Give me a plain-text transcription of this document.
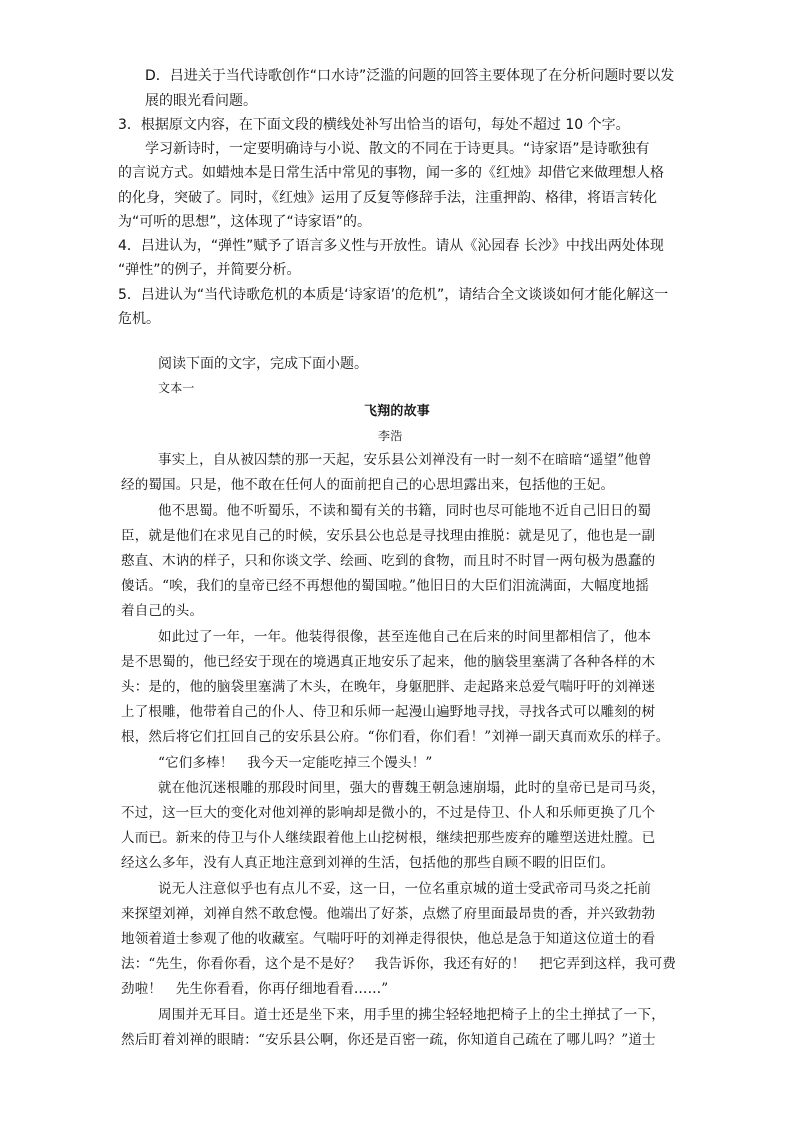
D．吕进关于当代诗歌创作“口水诗”泛滥的问题的回答主要体现了在分析问题时要以发
展的眼光看问题。
3．根据原文内容，在下面文段的横线处补写出恰当的语句，每处不超过 10 个字。
学习新诗时，一定要明确诗与小说、散文的不同在于诗更具。“诗家语”是诗歌独有
的言说方式。如蜡烛本是日常生活中常见的事物，闻一多的《红烛》却借它来做理想人格
的化身，突破了。同时，《红烛》运用了反复等修辞手法，注重押韵、格律，将语言转化
为“可听的思想”，这体现了“诗家语”的。
4．吕进认为，“弹性”赋予了语言多义性与开放性。请从《沁园春 长沙》中找出两处体现
“弹性”的例子，并简要分析。
5．吕进认为“当代诗歌危机的本质是‘诗家语’的危机”，请结合全文谈谈如何才能化解这一
危机。
阅读下面的文字，完成下面小题。
文本一
飞翔的故事
李浩
事实上，自从被囚禁的那一天起，安乐县公刘禅没有一时一刻不在暗暗“遥望”他曾
经的蜀国。只是，他不敢在任何人的面前把自己的心思坦露出来，包括他的王妃。
他不思蜀。他不听蜀乐，不读和蜀有关的书籍，同时也尽可能地不近自己旧日的蜀
臣，就是他们在求见自己的时候，安乐县公也总是寻找理由推脱：就是见了，他也是一副
憨直、木讷的样子，只和你谈文学、绘画、吃到的食物，而且时不时冒一两句极为愚蠢的
傻话。“唉，我们的皇帝已经不再想他的蜀国啦。”他旧日的大臣们泪流满面，大幅度地摇
着自己的头。
如此过了一年，一年。他装得很像，甚至连他自己在后来的时间里都相信了，他本
是不思蜀的，他已经安于现在的境遇真正地安乐了起来，他的脑袋里塞满了各种各样的木
头：是的，他的脑袋里塞满了木头，在晚年，身躯肥胖、走起路来总爱气喘吁吁的刘禅迷
上了根雕，他带着自己的仆人、侍卫和乐师一起漫山遍野地寻找，寻找各式可以雕刻的树
根，然后将它们扛回自己的安乐县公府。“你们看，你们看！”刘禅一副天真而欢乐的样子。
“它们多棒！　我今天一定能吃掉三个馒头！”
就在他沉迷根雕的那段时间里，强大的曹魏王朝急速崩塌，此时的皇帝已是司马炎，
不过，这一巨大的变化对他刘禅的影响却是微小的，不过是侍卫、仆人和乐师更换了几个
人而已。新来的侍卫与仆人继续跟着他上山挖树根，继续把那些废弃的雕塑送进灶膛。已
经这么多年，没有人真正地注意到刘禅的生活，包括他的那些自顾不暇的旧臣们。
说无人注意似乎也有点儿不妥，这一日，一位名重京城的道士受武帝司马炎之托前
来探望刘禅，刘禅自然不敢怠慢。他端出了好茶，点燃了府里面最昂贵的香，并兴致勃勃
地领着道士参观了他的收藏室。气喘吁吁的刘禅走得很快，他总是急于知道这位道士的看
法：“先生，你看你看，这个是不是好？　我告诉你，我还有好的！　把它弄到这样，我可费
劲啦！　先生你看看，你再仔细地看看……”
周围并无耳目。道士还是坐下来，用手里的拂尘轻轻地把椅子上的尘土掸拭了一下，
然后盯着刘禅的眼睛：“安乐县公啊，你还是百密一疏，你知道自己疏在了哪儿吗？”道士
